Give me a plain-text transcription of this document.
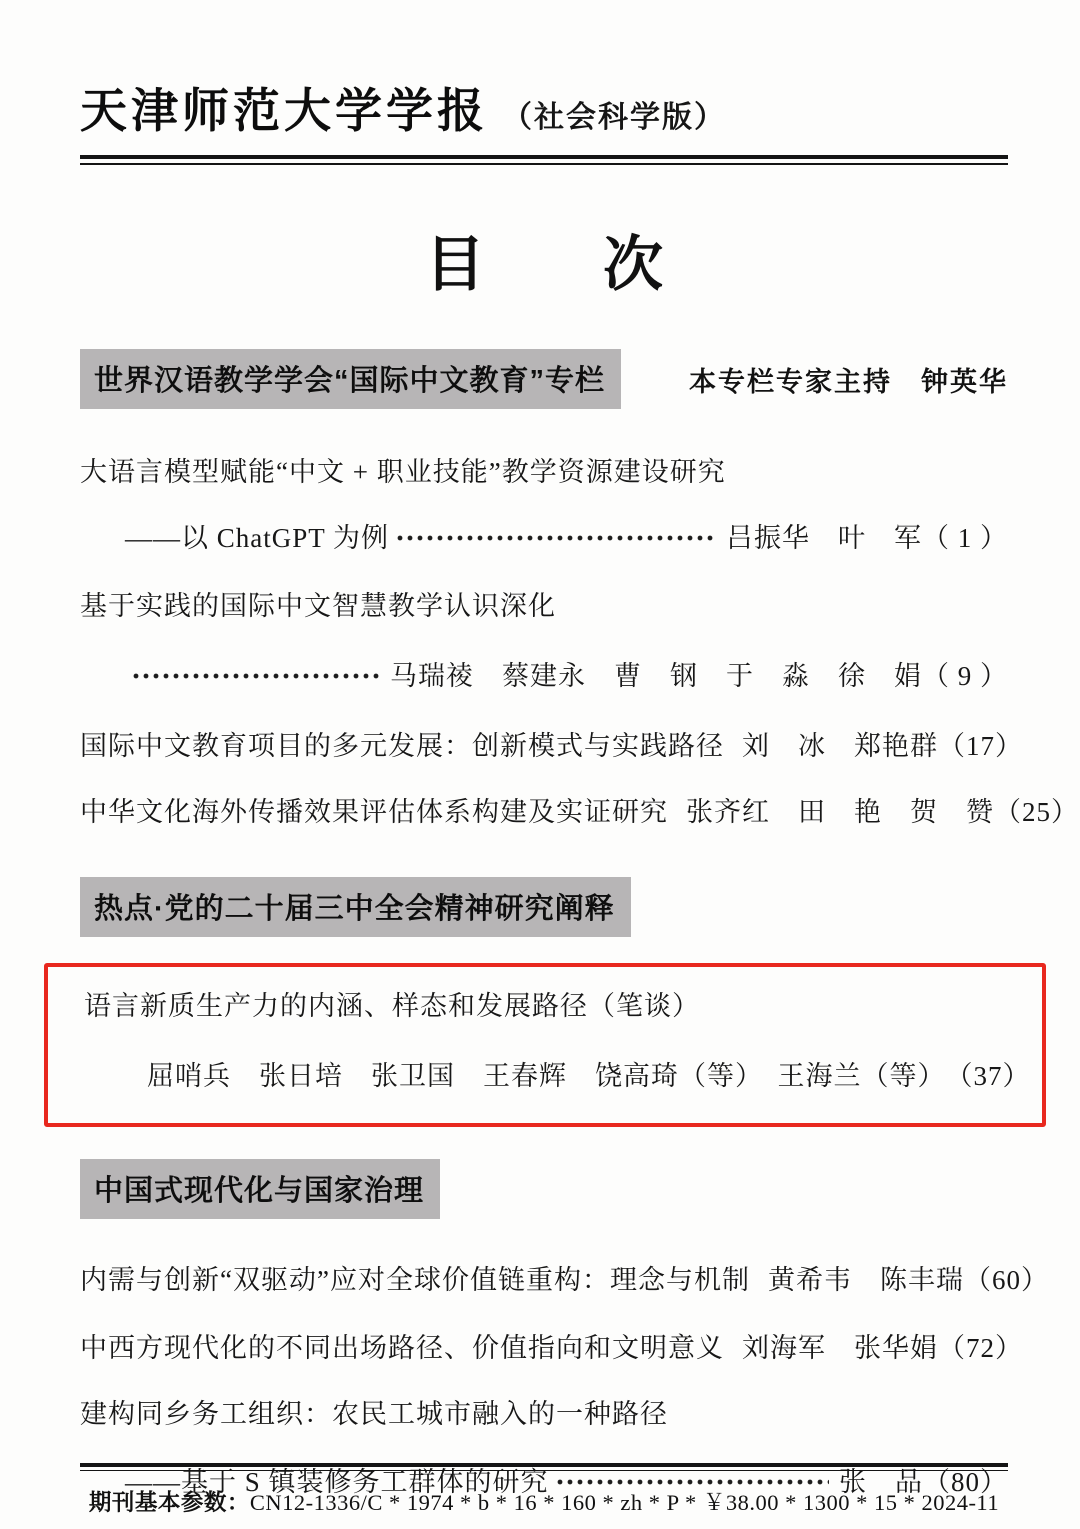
天津师范大学学报 （社会科学版）
目 次
世界汉语教学学会“国际中文教育”专栏	本专栏专家主持　钟英华
大语言模型赋能“中文 + 职业技能”教学资源建设研究
——以 ChatGPT 为例	吕振华　叶　军 （ 1 ）
基于实践的国际中文智慧教学认识深化
马瑞祾　蔡建永　曹　钢　于　淼　徐　娟 （ 9 ）
国际中文教育项目的多元发展：创新模式与实践路径 刘　冰　郑艳群 （17）
中华文化海外传播效果评估体系构建及实证研究 张齐红　田　艳　贺　赞 （25）
热点·党的二十届三中全会精神研究阐释
语言新质生产力的内涵、样态和发展路径（笔谈）
屈哨兵　张日培　张卫国　王春辉　饶高琦（等）　王海兰（等） （37）
中国式现代化与国家治理
内需与创新“双驱动”应对全球价值链重构：理念与机制 黄希韦　陈丰瑞 （60）
中西方现代化的不同出场路径、价值指向和文明意义 刘海军　张华娟 （72）
建构同乡务工组织：农民工城市融入的一种路径
——基于 S 镇装修务工群体的研究	张　品 （80）
期刊基本参数：CN12-1336/C * 1974 * b * 16 * 160 * zh * P * ￥38.00 * 1300 * 15 * 2024-11
